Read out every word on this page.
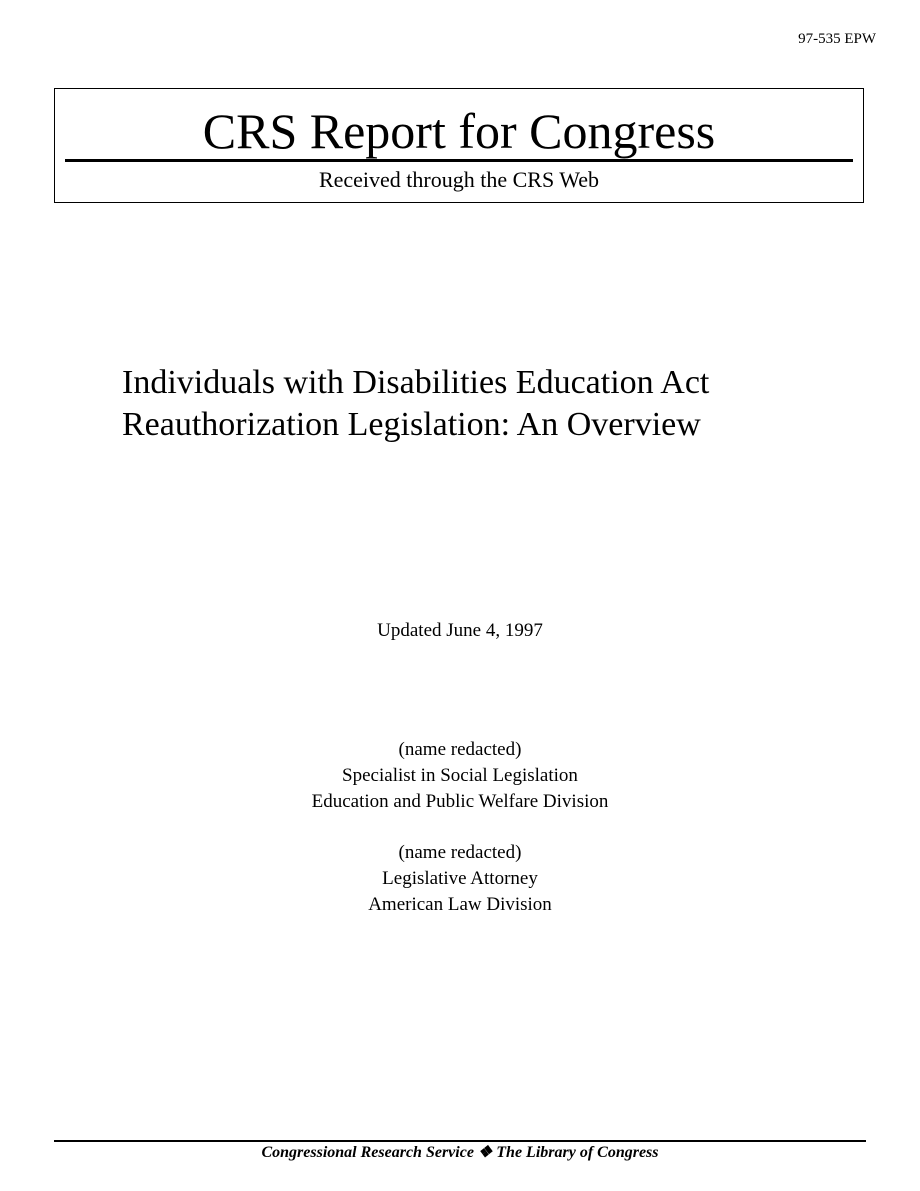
97-535 EPW
CRS Report for Congress
Received through the CRS Web
Individuals with Disabilities Education Act
Reauthorization Legislation: An Overview
Updated June 4, 1997
(name redacted)
Specialist in Social Legislation
Education and Public Welfare Division
(name redacted)
Legislative Attorney
American Law Division
Congressional Research Service ❖ The Library of Congress
